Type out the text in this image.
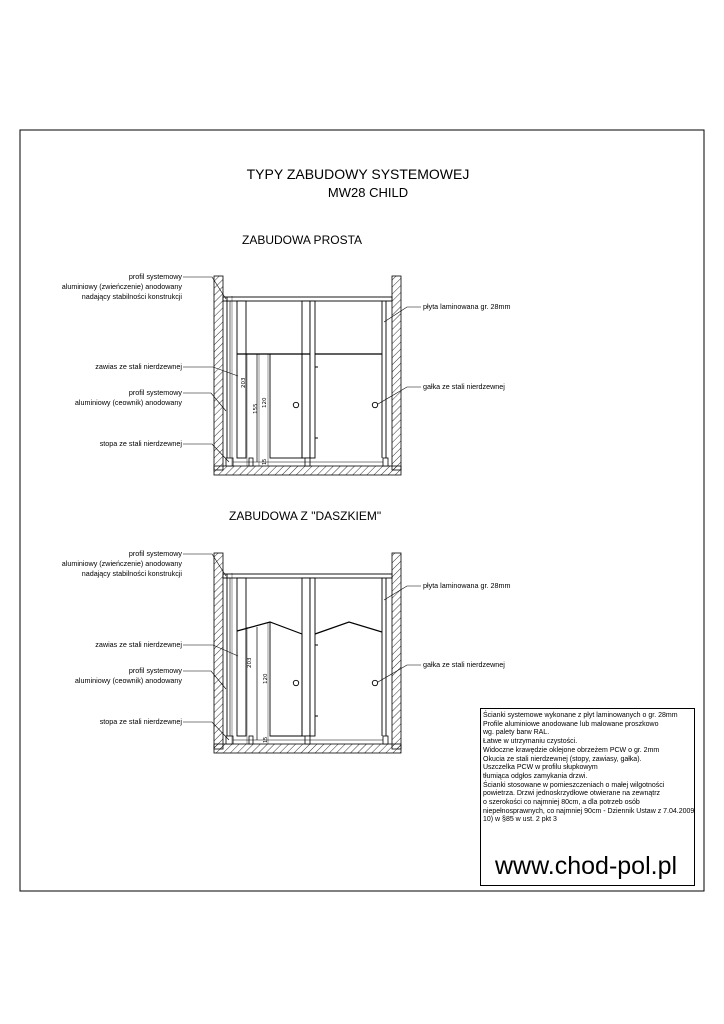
TYPY ZABUDOWY SYSTEMOWEJ
MW28 CHILD
ZABUDOWA PROSTA
203
155
120
15
profil systemowy
aluminiowy (zwieńczenie) anodowany
nadający stabilności konstrukcji
zawias ze stali nierdzewnej
profil systemowy
aluminiowy (ceownik) anodowany
stopa ze stali nierdzewnej
płyta laminowana gr. 28mm
gałka ze stali nierdzewnej
ZABUDOWA Z "DASZKIEM"
203
120
15
profil systemowy
aluminiowy (zwieńczenie) anodowany
nadający stabilności konstrukcji
zawias ze stali nierdzewnej
profil systemowy
aluminiowy (ceownik) anodowany
stopa ze stali nierdzewnej
płyta laminowana gr. 28mm
gałka ze stali nierdzewnej
Ścianki systemowe wykonane z płyt laminowanych o gr. 28mm
Profile aluminiowe anodowane lub malowane proszkowo
wg. palety barw RAL.
Łatwe w utrzymaniu czystości.
Widoczne krawędzie oklejone obrzeżem PCW o gr. 2mm
Okucia ze stali nierdzewnej (stopy, zawiasy, gałka).
Uszczelka PCW w profilu słupkowym
tłumiąca odgłos zamykania drzwi.
Ścianki stosowane w pomieszczeniach o małej wilgotności
powietrza. Drzwi jednoskrzydłowe otwierane na zewnątrz
o szerokości co najmniej 80cm, a dla potrzeb osób
niepełnosprawnych, co najmniej 90cm - Dziennik Ustaw z 7.04.2009
10) w §85 w ust. 2 pkt 3
www.chod-pol.pl
